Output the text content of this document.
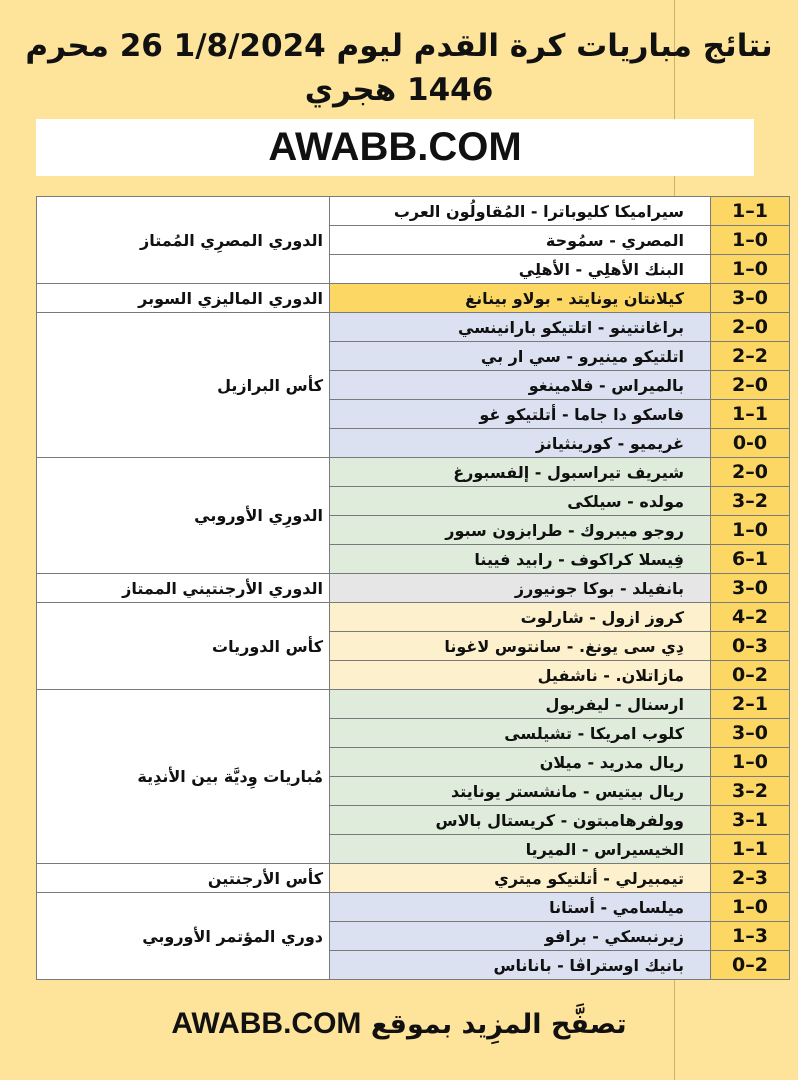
نتائج مباريات كرة القدم ليوم 1/8/2024 26 محرم 1446 هجري
AWABB.COM
1–1	سيراميكا كليوباترا - المُقاولُون العرب	الدوري المصرِي المُمتاز
1–0	المصري - سمُوحة	
1–0	البنك الأهلِي - الأهلِي	
3–0	كيلانتان يونايتد - بولاو بينانغ	الدوري الماليزي السوبر
2–0	براغانتينو - اتلتيكو بارانينسي	كأس البرازيل
2–2	اتلتيكو مينيرو - سي ار بي	
2–0	بالميراس - فلامينغو	
1–1	فاسكو دا جاما - أتلتيكو غو	
0-0	غريميو - كورينثيانز	
2–0	شيريف تيراسبول - إلفسبورغ	الدورِي الأوروبي
3–2	مولده - سيلكى	
1–0	روجو ميبروك - طرابزون سبور	
6–1	فِيسلا كراكوف - رابيد فيينا	
3–0	بانفيلد - بوكا جونيورز	الدوري الأرجنتيني الممتاز
4–2	كروز ازول - شارلوت	كأس الدوريات
0–3	دِي سى يونغ. - سانتوس لاغونا	
0–2	مازاتلان. - ناشفيل	
2–1	ارسنال - ليفربول	مُباريات وِديَّة بين الأندِية
3–0	كلوب امريكا - تشيلسى	
1–0	ريال مدريد - ميلان	
3–2	ريال بيتيس - مانشستر يونايتد	
3–1	وولفرهامبتون - كريستال بالاس	
1–1	الخيسيراس - الميريا	
2–3	تيمبيرلي - أتلتيكو ميتري	كأس الأرجنتين
1–0	ميلسامي - أستانا	دوري المؤتمر الأوروبي
1–3	زيرنبسكي - برافو	
0–2	بانيك اوستراڤا - باناناس	
تصفَّح المزِيد بموقع AWABB.COM
